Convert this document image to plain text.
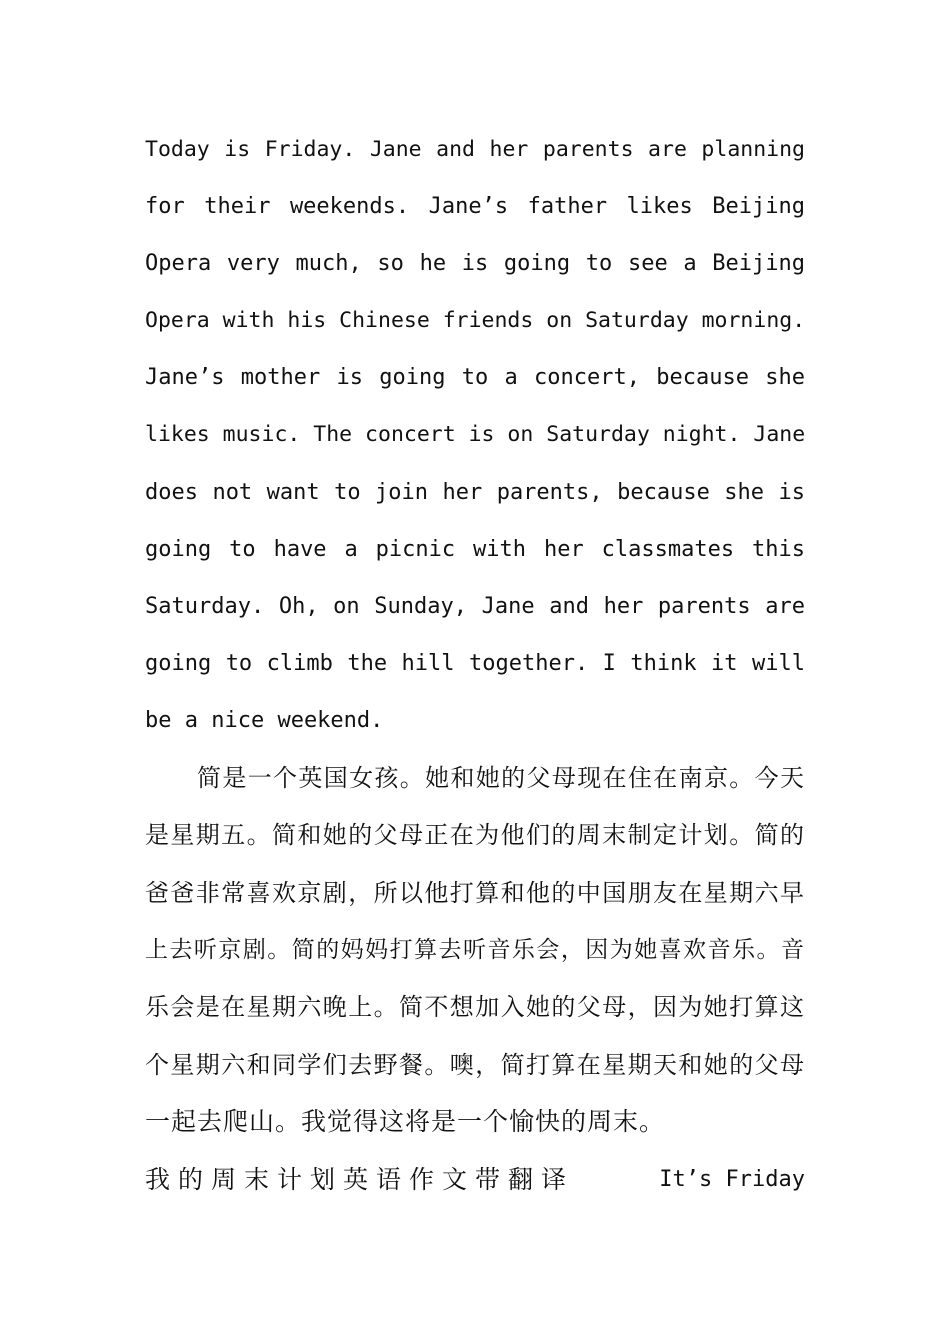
Today is Friday. Jane and her parents are planning
for their weekends. Jane’s father likes Beijing
Opera very much, so he is going to see a Beijing
Opera with his Chinese friends on Saturday morning.
Jane’s mother is going to a concert, because she
likes music. The concert is on Saturday night. Jane
does not want to join her parents, because she is
going to have a picnic with her classmates this
Saturday. Oh, on Sunday, Jane and her parents are
going to climb the hill together. I think it will
be a nice weekend.
简是一个英国女孩。她和她的父母现在住在南京。今天
是星期五。简和她的父母正在为他们的周末制定计划。简的
爸爸非常喜欢京剧，所以他打算和他的中国朋友在星期六早
上去听京剧。简的妈妈打算去听音乐会，因为她喜欢音乐。音
乐会是在星期六晚上。简不想加入她的父母，因为她打算这
个星期六和同学们去野餐。噢，简打算在星期天和她的父母
一起去爬山。我觉得这将是一个愉快的周末。
我的周末计划英语作文带翻译	It’s Friday
